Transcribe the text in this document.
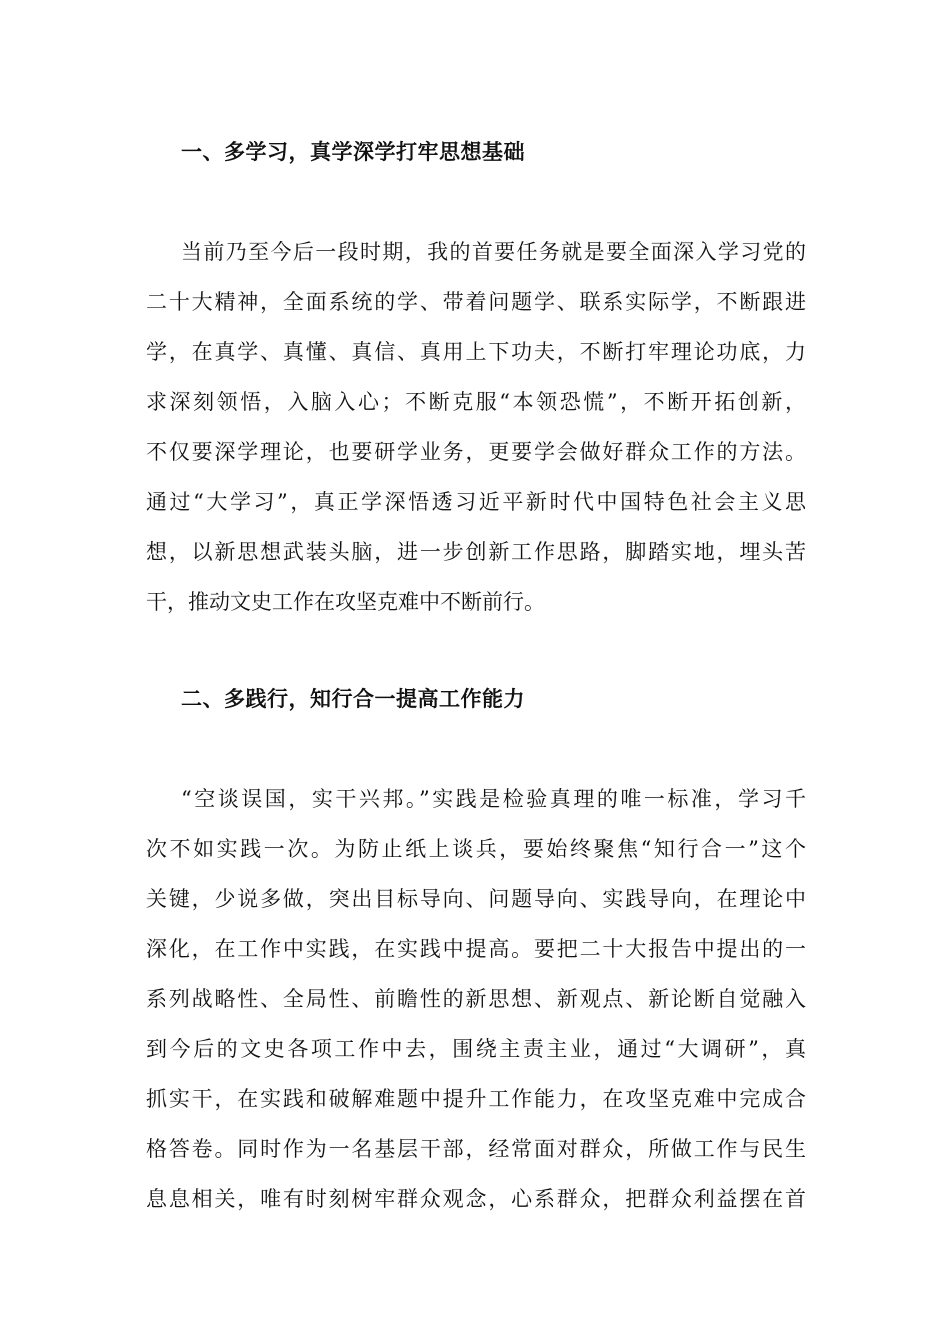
一、多学习，真学深学打牢思想基础
当前乃至今后一段时期，我的首要任务就是要全面深入学习党的
二十大精神，全面系统的学、带着问题学、联系实际学，不断跟进
学，在真学、真懂、真信、真用上下功夫，不断打牢理论功底，力
求深刻领悟，入脑入心；不断克服“本领恐慌”，不断开拓创新，
不仅要深学理论，也要研学业务，更要学会做好群众工作的方法。
通过“大学习”，真正学深悟透习近平新时代中国特色社会主义思
想，以新思想武装头脑，进一步创新工作思路，脚踏实地，埋头苦
干，推动文史工作在攻坚克难中不断前行。
二、多践行，知行合一提高工作能力
“空谈误国，实干兴邦。”实践是检验真理的唯一标准，学习千
次不如实践一次。为防止纸上谈兵，要始终聚焦“知行合一”这个
关键，少说多做，突出目标导向、问题导向、实践导向，在理论中
深化，在工作中实践，在实践中提高。要把二十大报告中提出的一
系列战略性、全局性、前瞻性的新思想、新观点、新论断自觉融入
到今后的文史各项工作中去，围绕主责主业，通过“大调研”，真
抓实干，在实践和破解难题中提升工作能力，在攻坚克难中完成合
格答卷。同时作为一名基层干部，经常面对群众，所做工作与民生
息息相关，唯有时刻树牢群众观念，心系群众，把群众利益摆在首
